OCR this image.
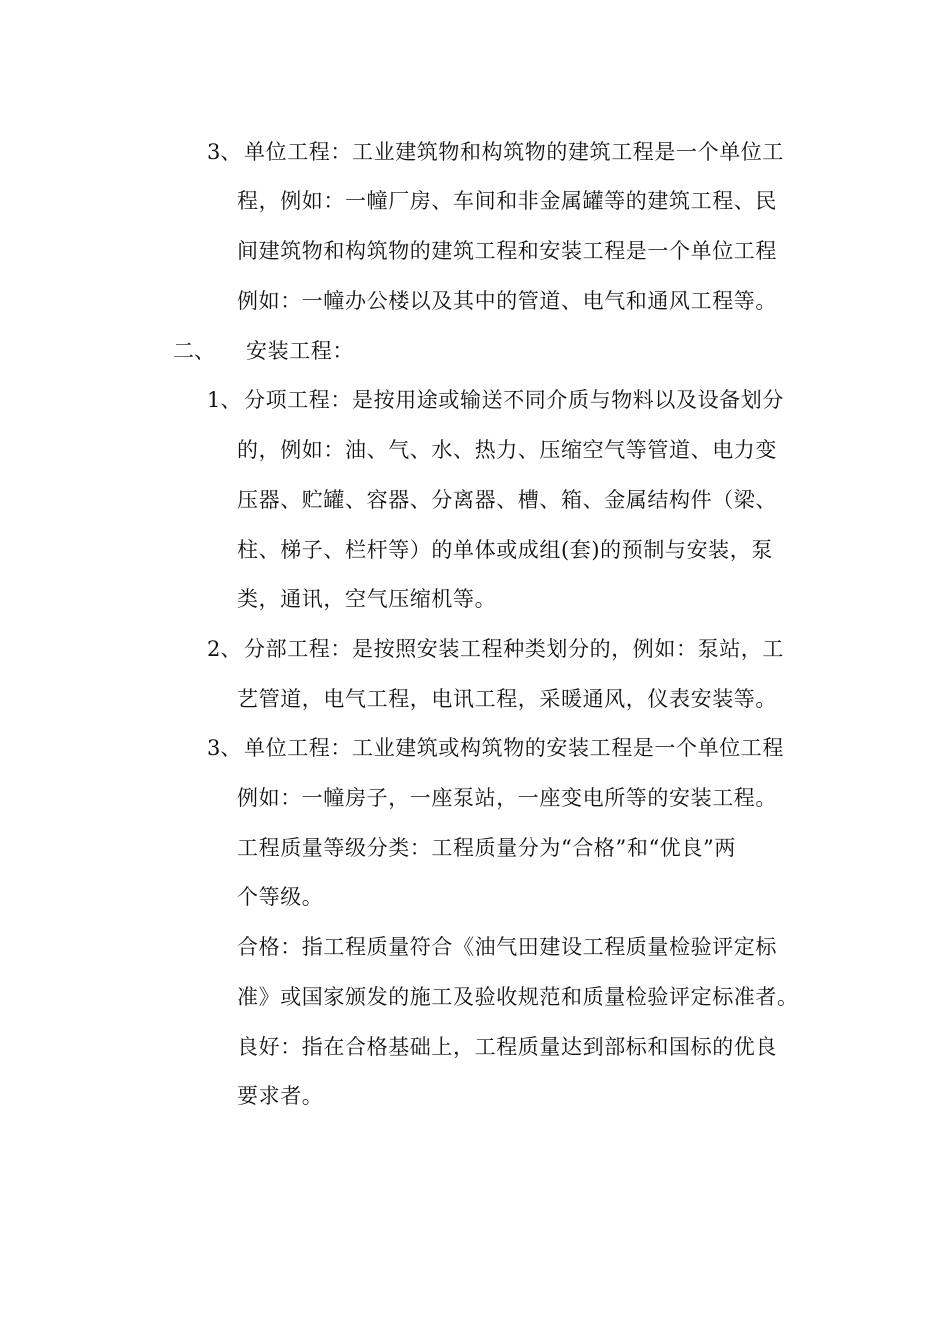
3、 单位工程：工业建筑物和构筑物的建筑工程是一个单位工
程，例如：一幢厂房、车间和非金属罐等的建筑工程、民
间建筑物和构筑物的建筑工程和安装工程是一个单位工程
例如：一幢办公楼以及其中的管道、电气和通风工程等。
二、 安装工程：
1、 分项工程：是按用途或输送不同介质与物料以及设备划分
的，例如：油、气、水、热力、压缩空气等管道、电力变
压器、贮罐、容器、分离器、槽、箱、金属结构件（梁、
柱、梯子、栏杆等）的单体或成组(套)的预制与安装，泵
类，通讯，空气压缩机等。
2、 分部工程：是按照安装工程种类划分的，例如：泵站，工
艺管道，电气工程，电讯工程，采暖通风，仪表安装等。
3、 单位工程：工业建筑或构筑物的安装工程是一个单位工程
例如：一幢房子，一座泵站，一座变电所等的安装工程。
工程质量等级分类：工程质量分为“合格”和“优良”两
个等级。
合格：指工程质量符合《油气田建设工程质量检验评定标
准》或国家颁发的施工及验收规范和质量检验评定标准者。
良好：指在合格基础上，工程质量达到部标和国标的优良
要求者。
